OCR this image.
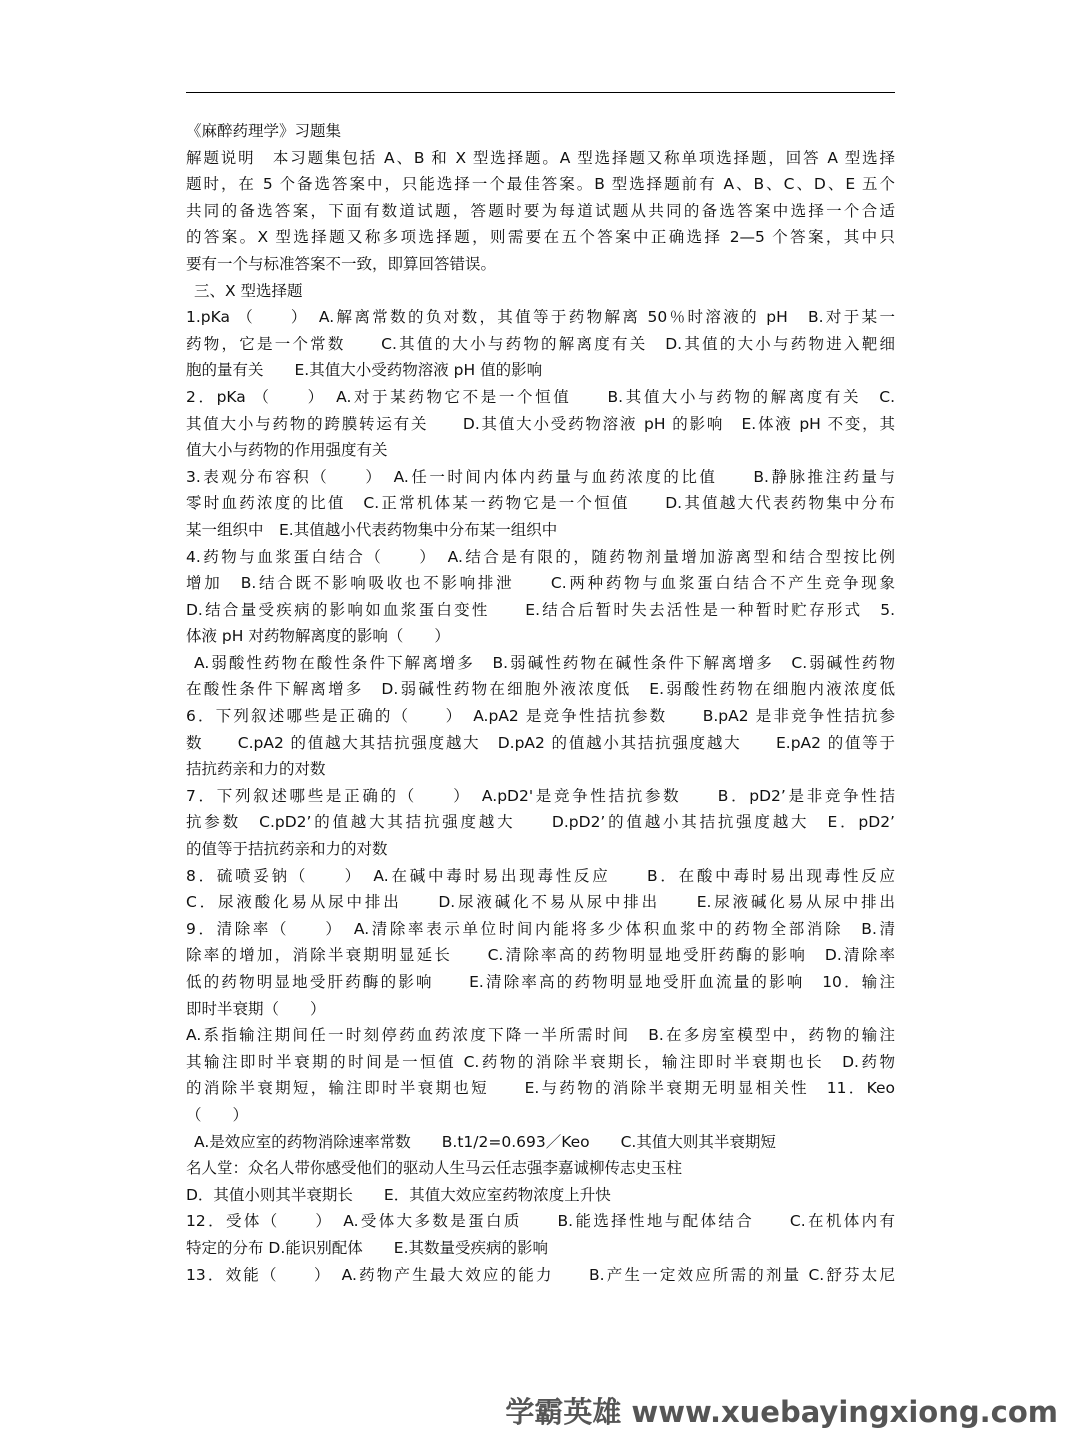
《麻醉药理学》习题集
解题说明　本习题集包括 A、B 和 X 型选择题。A 型选择题又称单项选择题，回答 A 型选择
题时，在 5 个备选答案中，只能选择一个最佳答案。B 型选择题前有 A、B、C、D、E 五个
共同的备选答案，下面有数道试题，答题时要为每道试题从共同的备选答案中选择一个合适
的答案。X 型选择题又称多项选择题，则需要在五个答案中正确选择 2—5 个答案，其中只
要有一个与标准答案不一致，即算回答错误。
三、X 型选择题
1.pKa （　　）　A.解离常数的负对数，其值等于药物解离 50％时溶液的 pH　B.对于某一
药物，它是一个常数　　C.其值的大小与药物的解离度有关　D.其值的大小与药物进入靶细
胞的量有关　　E.其值大小受药物溶液 pH 值的影响
2．pKa （　　）　A.对于某药物它不是一个恒值　　B.其值大小与药物的解离度有关　C.
其值大小与药物的跨膜转运有关　　D.其值大小受药物溶液 pH 的影响　E.体液 pH 不变，其
值大小与药物的作用强度有关
3.表观分布容积（　　）　A.任一时间内体内药量与血药浓度的比值　　B.静脉推注药量与
零时血药浓度的比值　C.正常机体某一药物它是一个恒值　　D.其值越大代表药物集中分布
某一组织中　E.其值越小代表药物集中分布某一组织中
4.药物与血浆蛋白结合（　　）　A.结合是有限的，随药物剂量增加游离型和结合型按比例
增加　B.结合既不影响吸收也不影响排泄　　C.两种药物与血浆蛋白结合不产生竞争现象
D.结合量受疾病的影响如血浆蛋白变性　　E.结合后暂时失去活性是一种暂时贮存形式　5.
体液 pH 对药物解离度的影响（　　）
A.弱酸性药物在酸性条件下解离增多　B.弱碱性药物在碱性条件下解离增多　C.弱碱性药物
在酸性条件下解离增多　D.弱碱性药物在细胞外液浓度低　E.弱酸性药物在细胞内液浓度低
6．下列叙述哪些是正确的（　　）　A.pA2 是竞争性拮抗参数　　B.pA2 是非竞争性拮抗参
数　　C.pA2 的值越大其拮抗强度越大　D.pA2 的值越小其拮抗强度越大　　E.pA2 的值等于
拮抗药亲和力的对数
7．下列叙述哪些是正确的（　　）　A.pD2'是竞争性拮抗参数　　B．pD2’是非竞争性拮
抗参数　C.pD2’的值越大其拮抗强度越大　　D.pD2’的值越小其拮抗强度越大　E．pD2’
的值等于拮抗药亲和力的对数
8．硫喷妥钠（　　）　A.在碱中毒时易出现毒性反应　　B．在酸中毒时易出现毒性反应
C．尿液酸化易从尿中排出　　D.尿液碱化不易从尿中排出　　E.尿液碱化易从尿中排出
9．清除率（　　）　A.清除率表示单位时间内能将多少体积血浆中的药物全部消除　B.清
除率的增加，消除半衰期明显延长　　C.清除率高的药物明显地受肝药酶的影响　D.清除率
低的药物明显地受肝药酶的影响　　E.清除率高的药物明显地受肝血流量的影响　10．输注
即时半衰期（　　）
A.系指输注期间任一时刻停药血药浓度下降一半所需时间　B.在多房室模型中，药物的输注
其输注即时半衰期的时间是一恒值 C.药物的消除半衰期长，输注即时半衰期也长　D.药物
的消除半衰期短，输注即时半衰期也短　　E.与药物的消除半衰期无明显相关性　11．Keo
（　　）
A.是效应室的药物消除速率常数　　B.t1/2=0.693／Keo　　C.其值大则其半衰期短
名人堂：众名人带你感受他们的驱动人生马云任志强李嘉诚柳传志史玉柱
D．其值小则其半衰期长　　E．其值大效应室药物浓度上升快
12．受体（　　）　A.受体大多数是蛋白质　　B.能选择性地与配体结合　　C.在机体内有
特定的分布 D.能识别配体　　E.其数量受疾病的影响
13．效能（　　）　A.药物产生最大效应的能力　　B.产生一定效应所需的剂量 C.舒芬太尼
学霸英雄 www.xuebayingxiong.com
